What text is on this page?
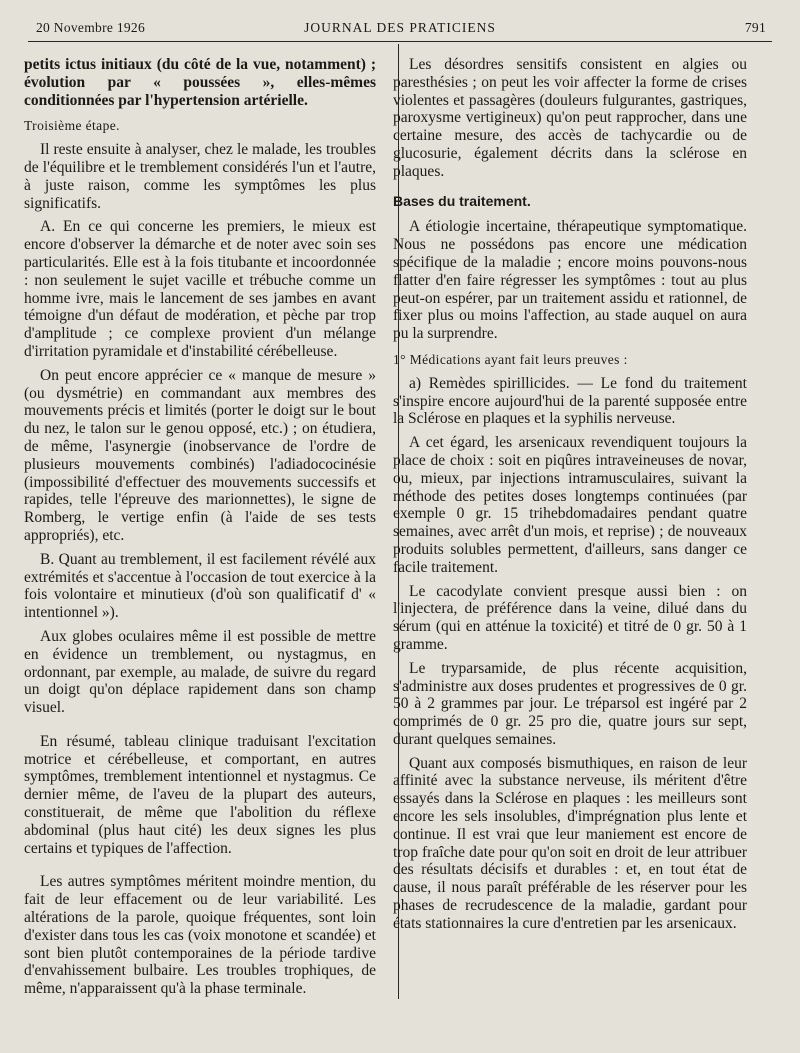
20 Novembre 1926	JOURNAL DES PRATICIENS	791

petits ictus initiaux (du côté de la vue, notamment) ; évolution par « poussées », elles-mêmes conditionnées par l'hypertension artérielle.

Troisième étape.

Il reste ensuite à analyser, chez le malade, les troubles de l'équilibre et le tremblement considérés l'un et l'autre, à juste raison, comme les symptômes les plus significatifs.

A. En ce qui concerne les premiers, le mieux est encore d'observer la démarche et de noter avec soin ses particularités. Elle est à la fois titubante et incoordonnée : non seulement le sujet vacille et trébuche comme un homme ivre, mais le lancement de ses jambes en avant témoigne d'un défaut de modération, et pèche par trop d'amplitude ; ce complexe provient d'un mélange d'irritation pyramidale et d'instabilité cérébelleuse.

On peut encore apprécier ce « manque de mesure » (ou dysmétrie) en commandant aux membres des mouvements précis et limités (porter le doigt sur le bout du nez, le talon sur le genou opposé, etc.) ; on étudiera, de même, l'asynergie (inobservance de l'ordre de plusieurs mouvements combinés) l'adiadococinésie (impossibilité d'effectuer des mouvements successifs et rapides, telle l'épreuve des marionnettes), le signe de Romberg, le vertige enfin (à l'aide de ses tests appropriés), etc.

B. Quant au tremblement, il est facilement révélé aux extrémités et s'accentue à l'occasion de tout exercice à la fois volontaire et minutieux (d'où son qualificatif d' « intentionnel »).

Aux globes oculaires même il est possible de mettre en évidence un tremblement, ou nystagmus, en ordonnant, par exemple, au malade, de suivre du regard un doigt qu'on déplace rapidement dans son champ visuel.

En résumé, tableau clinique traduisant l'excitation motrice et cérébelleuse, et comportant, en autres symptômes, tremblement intentionnel et nystagmus. Ce dernier même, de l'aveu de la plupart des auteurs, constituerait, de même que l'abolition du réflexe abdominal (plus haut cité) les deux signes les plus certains et typiques de l'affection.

Les autres symptômes méritent moindre mention, du fait de leur effacement ou de leur variabilité. Les altérations de la parole, quoique fréquentes, sont loin d'exister dans tous les cas (voix monotone et scandée) et sont bien plutôt contemporaines de la période tardive d'envahissement bulbaire. Les troubles trophiques, de même, n'apparaissent qu'à la phase terminale.

Les désordres sensitifs consistent en algies ou paresthésies ; on peut les voir affecter la forme de crises violentes et passagères (douleurs fulgurantes, gastriques, paroxysme vertigineux) qu'on peut rapprocher, dans une certaine mesure, des accès de tachycardie ou de glucosurie, également décrits dans la sclérose en plaques.

Bases du traitement.

A étiologie incertaine, thérapeutique symptomatique. Nous ne possédons pas encore une médication spécifique de la maladie ; encore moins pouvons-nous flatter d'en faire régresser les symptômes : tout au plus peut-on espérer, par un traitement assidu et rationnel, de fixer plus ou moins l'affection, au stade auquel on aura pu la surprendre.

1° Médications ayant fait leurs preuves :

a) Remèdes spirillicides. — Le fond du traitement s'inspire encore aujourd'hui de la parenté supposée entre la Sclérose en plaques et la syphilis nerveuse.

A cet égard, les arsenicaux revendiquent toujours la place de choix : soit en piqûres intraveineuses de novar, ou, mieux, par injections intramusculaires, suivant la méthode des petites doses longtemps continuées (par exemple 0 gr. 15 trihebdomadaires pendant quatre semaines, avec arrêt d'un mois, et reprise) ; de nouveaux produits solubles permettent, d'ailleurs, sans danger ce facile traitement.

Le cacodylate convient presque aussi bien : on l'injectera, de préférence dans la veine, dilué dans du sérum (qui en atténue la toxicité) et titré de 0 gr. 50 à 1 gramme.

Le tryparsamide, de plus récente acquisition, s'administre aux doses prudentes et progressives de 0 gr. 50 à 2 grammes par jour. Le tréparsol est ingéré par 2 comprimés de 0 gr. 25 pro die, quatre jours sur sept, durant quelques semaines.

Quant aux composés bismuthiques, en raison de leur affinité avec la substance nerveuse, ils méritent d'être essayés dans la Sclérose en plaques : les meilleurs sont encore les sels insolubles, d'imprégnation plus lente et continue. Il est vrai que leur maniement est encore de trop fraîche date pour qu'on soit en droit de leur attribuer des résultats décisifs et durables : et, en tout état de cause, il nous paraît préférable de les réserver pour les phases de recrudescence de la maladie, gardant pour états stationnaires la cure d'entretien par les arsenicaux.
